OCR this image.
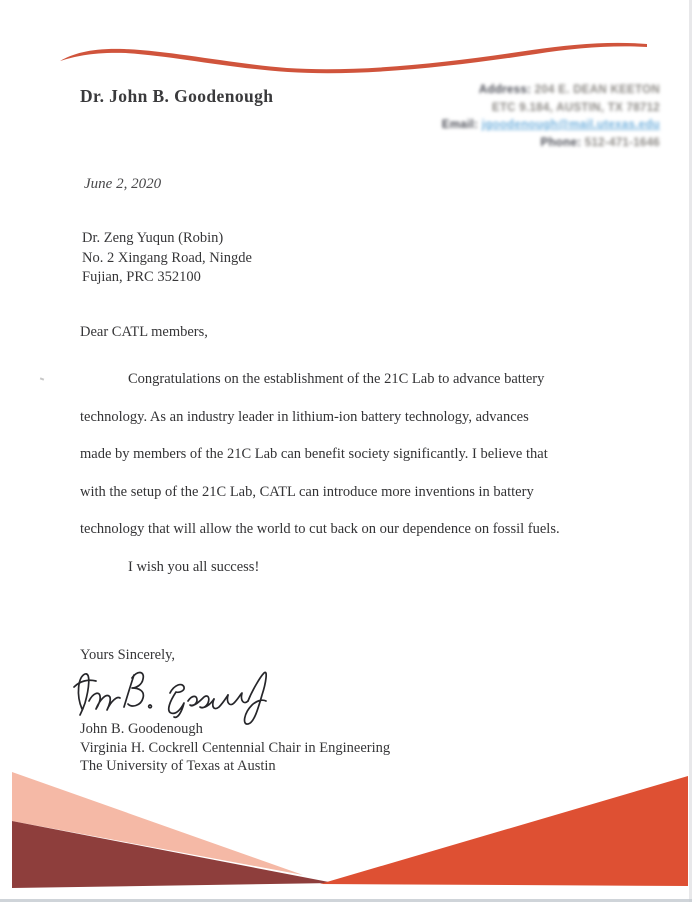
Dr. John B. Goodenough	Address: 204 E. DEAN KEETON
ETC 9.184, AUSTIN, TX 78712
Email: jgoodenough@mail.utexas.edu
Phone: 512-471-1646
June 2, 2020
Dr. Zeng Yuqun (Robin)
No. 2 Xingang Road, Ningde
Fujian, PRC 352100
Dear CATL members,
Congratulations on the establishment of the 21C Lab to advance battery
technology. As an industry leader in lithium-ion battery technology, advances
made by members of the 21C Lab can benefit society significantly. I believe that
with the setup of the 21C Lab, CATL can introduce more inventions in battery
technology that will allow the world to cut back on our dependence on fossil fuels.
I wish you all success!
Yours Sincerely,
John B. Goodenough
Virginia H. Cockrell Centennial Chair in Engineering
The University of Texas at Austin
